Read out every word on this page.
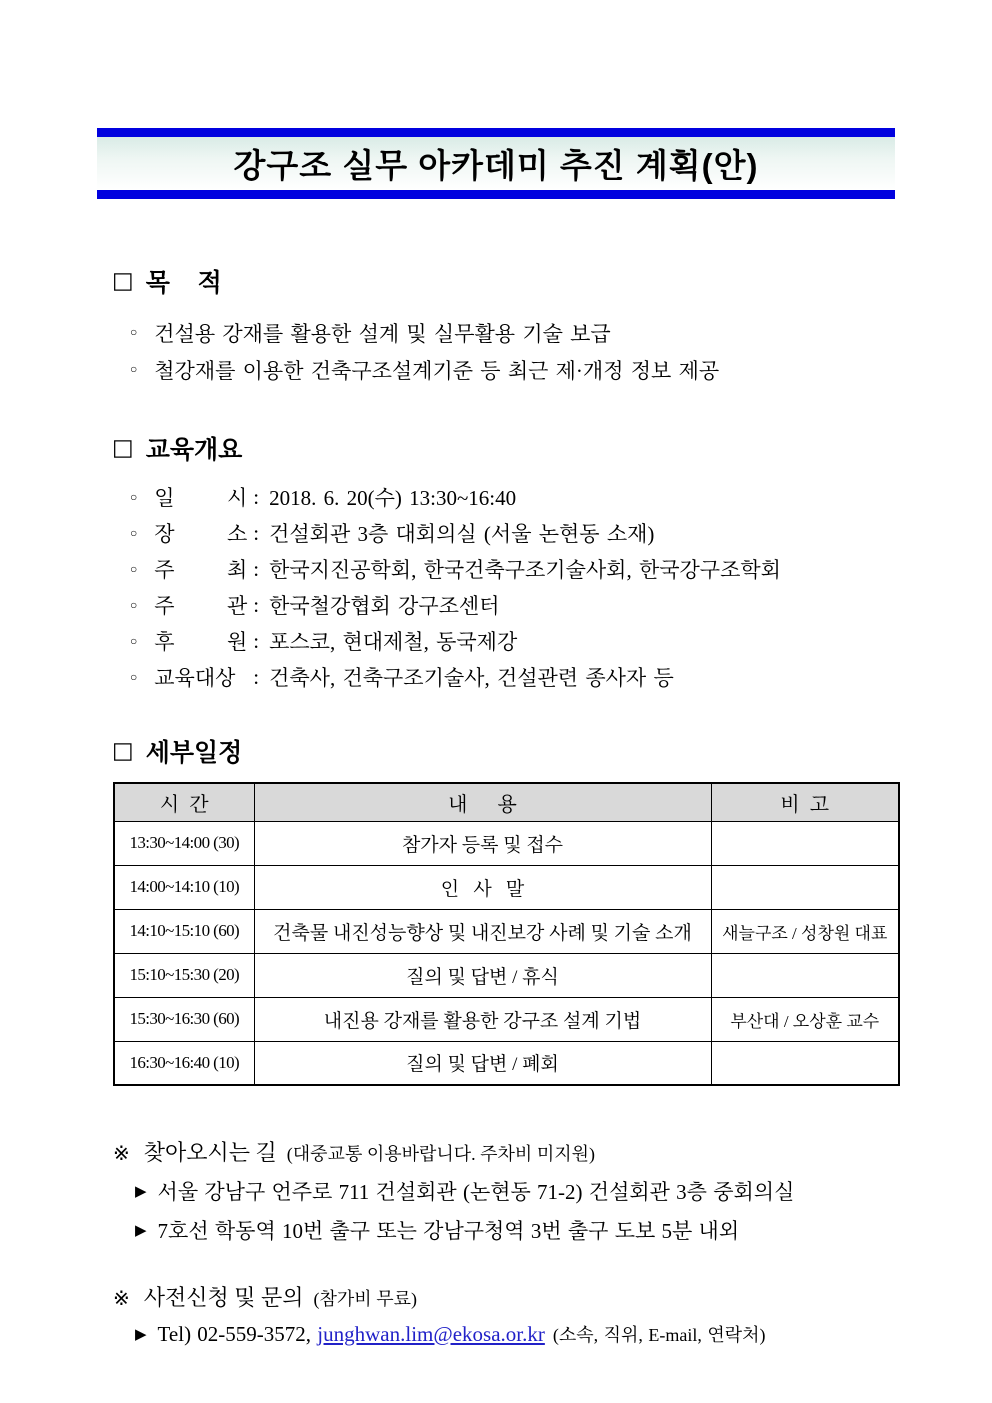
강구조 실무 아카데미 추진 계획(안)
□ 목    적
○ 건설용 강재를 활용한 설계 및 실무활용 기술 보급
○ 철강재를 이용한 건축구조설계기준 등 최근 제·개정 정보 제공
□ 교육개요
○ 일 시 : 2018. 6. 20(수) 13:30~16:40
○ 장 소 : 건설회관 3층 대회의실 (서울 논현동 소재)
○ 주 최 : 한국지진공학회, 한국건축구조기술사회, 한국강구조학회
○ 주 관 : 한국철강협회 강구조센터
○ 후 원 : 포스코, 현대제철, 동국제강
○ 교육대상 : 건축사, 건축구조기술사, 건설관련 종사자 등
□ 세부일정
시  간	내      용	비  고
13:30~14:00 (30)	참가자 등록 및 접수	
14:00~14:10 (10)	인   사   말	
14:10~15:10 (60)	건축물 내진성능향상 및 내진보강 사례 및 기술 소개	새늘구조 / 성창원 대표
15:10~15:30 (20)	질의 및 답변 / 휴식	
15:30~16:30 (60)	내진용 강재를 활용한 강구조 설계 기법	부산대 / 오상훈 교수
16:30~16:40 (10)	질의 및 답변 / 폐회	
※ 찾아오시는 길 (대중교통 이용바랍니다. 주차비 미지원)
▶ 서울 강남구 언주로 711 건설회관 (논현동 71-2) 건설회관 3층 중회의실
▶ 7호선 학동역 10번 출구 또는 강남구청역 3번 출구 도보 5분 내외
※ 사전신청 및 문의 (참가비 무료)
▶ Tel) 02-559-3572,
junghwan.lim@ekosa.or.kr (소속, 직위, E-mail, 연락처)
